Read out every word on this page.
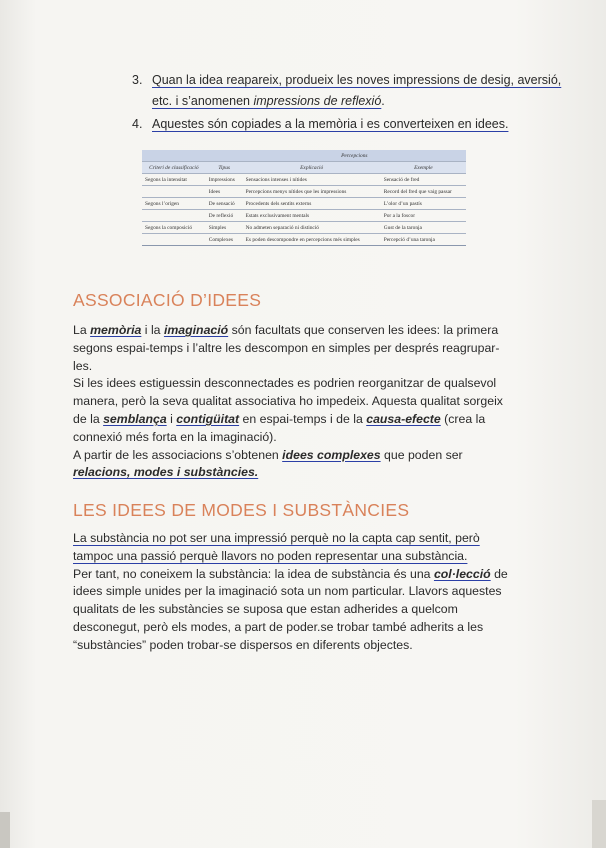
3. Quan la idea reapareix, produeix les noves impressions de desig, aversió, etc. i s’anomenen impressions de reflexió.
4. Aquestes són copiades a la memòria i es converteixen en idees.
		Percepcions	
Criteri de classificació	Tipus	Explicació	Exemple
Segons la intensitat	Impressions	Sensacions intenses i nítides	Sensació de fred
	Idees	Percepcions menys nítides que les impressions	Record del fred que vaig passar
Segons l’origen	De sensació	Procedents dels sentits externs	L’olor d’un pastís
	De reflexió	Estats exclusivament mentals	Por a la foscor
Segons la composició	Simples	No admeten separació ni distinció	Gust de la taronja
	Complexes	Es poden descompondre en percepcions més simples	Percepció d’una taronja
ASSOCIACIÓ D’IDEES

La memòria i la imaginació són facultats que conserven les idees: la primera segons espai-temps i l’altre les descompon en simples per després reagrupar-les.

Si les idees estiguessin desconnectades es podrien reorganitzar de qualsevol manera, però la seva qualitat associativa ho impedeix. Aquesta qualitat sorgeix de la semblança i contigüitat en espai-temps i de la causa-efecte (crea la connexió més forta en la imaginació).

A partir de les associacions s’obtenen idees complexes que poden ser relacions, modes i substàncies.

LES IDEES DE MODES I SUBSTÀNCIES

La substància no pot ser una impressió perquè no la capta cap sentit, però tampoc una passió perquè llavors no poden representar una substància.

Per tant, no coneixem la substància: la idea de substància és una col·lecció de idees simple unides per la imaginació sota un nom particular. Llavors aquestes qualitats de les substàncies se suposa que estan adherides a quelcom desconegut, però els modes, a part de poder.se trobar també adherits a les “substàncies” poden trobar-se dispersos en diferents objectes.
